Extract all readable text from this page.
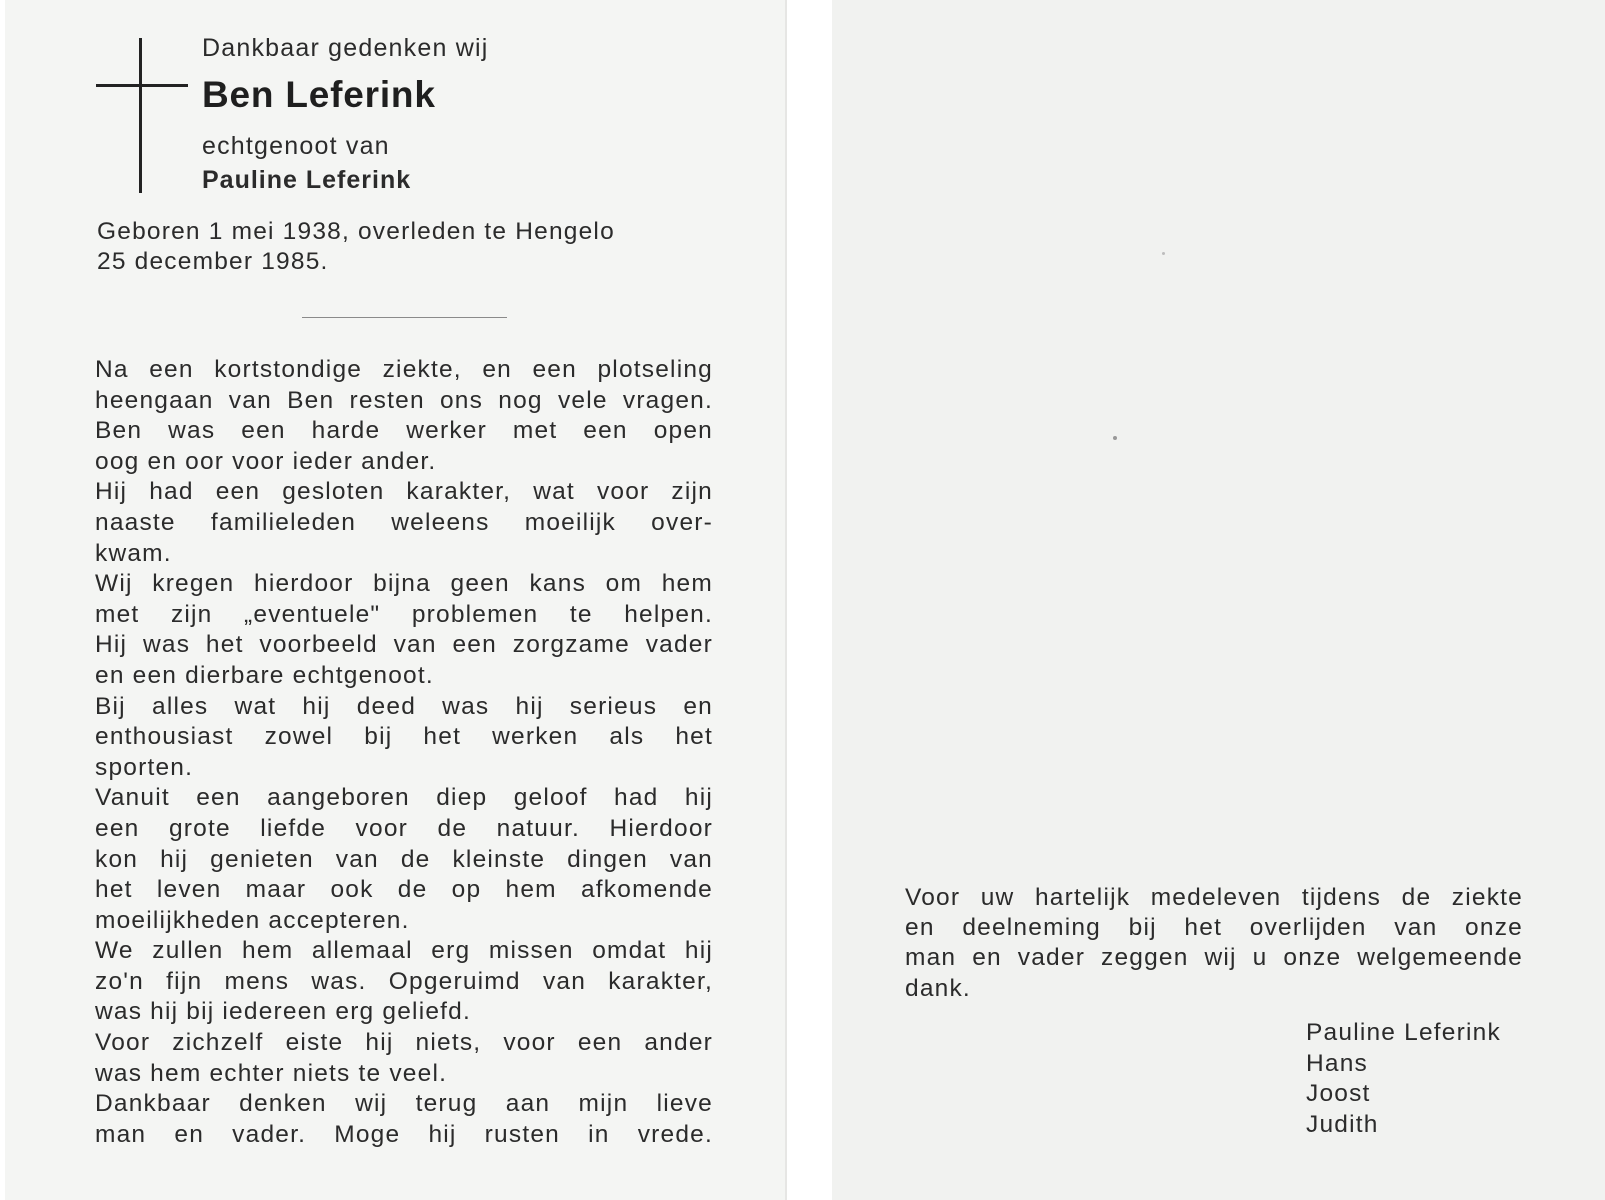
Dankbaar gedenken wij
Ben Leferink
echtgenoot van
Pauline Leferink
Geboren 1 mei 1938, overleden te Hengelo
25 december 1985.
Na een kortstondige ziekte, en een plotseling
heengaan van Ben resten ons nog vele vragen.
Ben was een harde werker met een open
oog en oor voor ieder ander.
Hij had een gesloten karakter, wat voor zijn
naaste familieleden weleens moeilijk over-
kwam.
Wij kregen hierdoor bijna geen kans om hem
met zijn „eventuele" problemen te helpen.
Hij was het voorbeeld van een zorgzame vader
en een dierbare echtgenoot.
Bij alles wat hij deed was hij serieus en
enthousiast zowel bij het werken als het
sporten.
Vanuit een aangeboren diep geloof had hij
een grote liefde voor de natuur. Hierdoor
kon hij genieten van de kleinste dingen van
het leven maar ook de op hem afkomende
moeilijkheden accepteren.
We zullen hem allemaal erg missen omdat hij
zo'n fijn mens was. Opgeruimd van karakter,
was hij bij iedereen erg geliefd.
Voor zichzelf eiste hij niets, voor een ander
was hem echter niets te veel.
Dankbaar denken wij terug aan mijn lieve
man en vader. Moge hij rusten in vrede.
Voor uw hartelijk medeleven tijdens de ziekte
en deelneming bij het overlijden van onze
man en vader zeggen wij u onze welgemeende
dank.
Pauline Leferink
Hans
Joost
Judith
